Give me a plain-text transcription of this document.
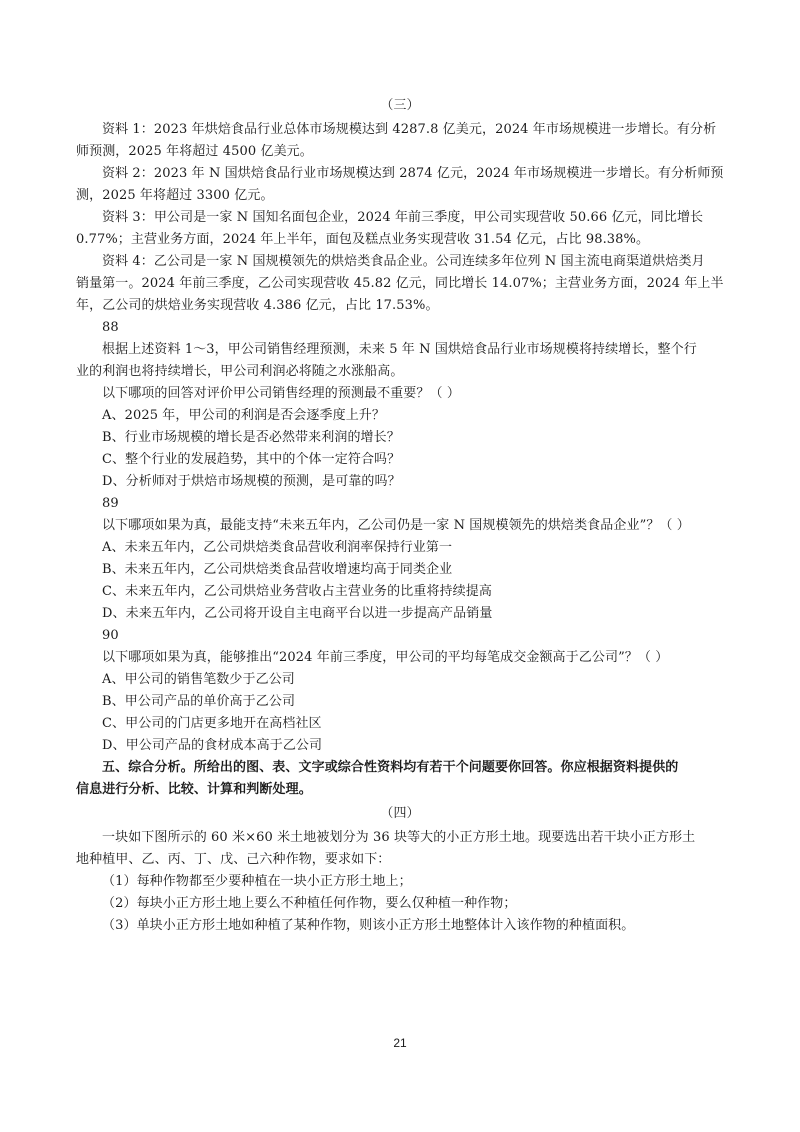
（三）
资料 1：2023 年烘焙食品行业总体市场规模达到 4287.8 亿美元，2024 年市场规模进一步增长。有分析
师预测，2025 年将超过 4500 亿美元。
资料 2：2023 年 N 国烘焙食品行业市场规模达到 2874 亿元，2024 年市场规模进一步增长。有分析师预
测，2025 年将超过 3300 亿元。
资料 3：甲公司是一家 N 国知名面包企业，2024 年前三季度，甲公司实现营收 50.66 亿元，同比增长
0.77%；主营业务方面，2024 年上半年，面包及糕点业务实现营收 31.54 亿元，占比 98.38%。
资料 4：乙公司是一家 N 国规模领先的烘焙类食品企业。公司连续多年位列 N 国主流电商渠道烘焙类月
销量第一。2024 年前三季度，乙公司实现营收 45.82 亿元，同比增长 14.07%；主营业务方面，2024 年上半
年，乙公司的烘焙业务实现营收 4.386 亿元，占比 17.53%。
88
根据上述资料 1～3，甲公司销售经理预测，未来 5 年 N 国烘焙食品行业市场规模将持续增长，整个行
业的利润也将持续增长，甲公司利润必将随之水涨船高。
以下哪项的回答对评价甲公司销售经理的预测最不重要？（ ）
A、2025 年，甲公司的利润是否会逐季度上升？
B、行业市场规模的增长是否必然带来利润的增长？
C、整个行业的发展趋势，其中的个体一定符合吗？
D、分析师对于烘焙市场规模的预测，是可靠的吗？
89
以下哪项如果为真，最能支持“未来五年内，乙公司仍是一家 N 国规模领先的烘焙类食品企业”？（ ）
A、未来五年内，乙公司烘焙类食品营收利润率保持行业第一
B、未来五年内，乙公司烘焙类食品营收增速均高于同类企业
C、未来五年内，乙公司烘焙业务营收占主营业务的比重将持续提高
D、未来五年内，乙公司将开设自主电商平台以进一步提高产品销量
90
以下哪项如果为真，能够推出“2024 年前三季度，甲公司的平均每笔成交金额高于乙公司”？（ ）
A、甲公司的销售笔数少于乙公司
B、甲公司产品的单价高于乙公司
C、甲公司的门店更多地开在高档社区
D、甲公司产品的食材成本高于乙公司
五、综合分析。所给出的图、表、文字或综合性资料均有若干个问题要你回答。你应根据资料提供的
信息进行分析、比较、计算和判断处理。
（四）
一块如下图所示的 60 米×60 米土地被划分为 36 块等大的小正方形土地。现要选出若干块小正方形土
地种植甲、乙、丙、丁、戊、己六种作物，要求如下：
（1）每种作物都至少要种植在一块小正方形土地上；
（2）每块小正方形土地上要么不种植任何作物，要么仅种植一种作物；
（3）单块小正方形土地如种植了某种作物，则该小正方形土地整体计入该作物的种植面积。
21
